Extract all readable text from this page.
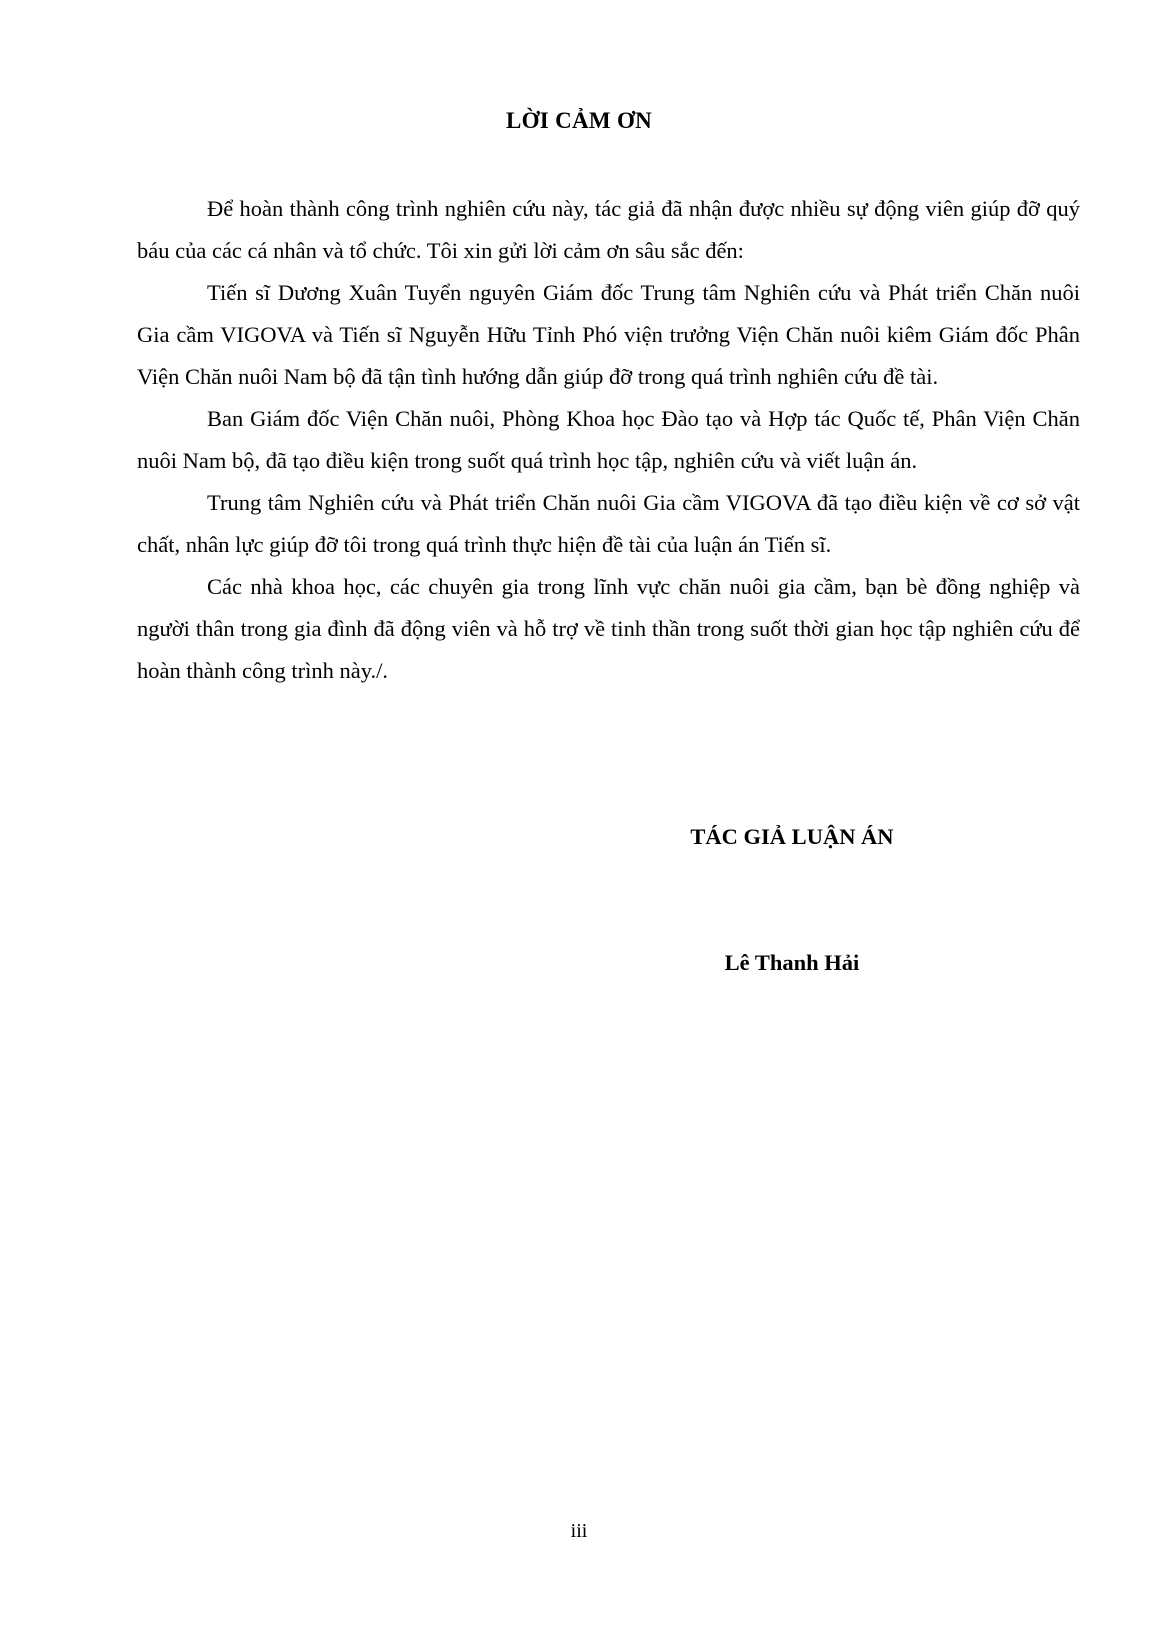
LỜI CẢM ƠN

Để hoàn thành công trình nghiên cứu này, tác giả đã nhận được nhiều sự động viên giúp đỡ quý báu của các cá nhân và tổ chức. Tôi xin gửi lời cảm ơn sâu sắc đến:

Tiến sĩ Dương Xuân Tuyển nguyên Giám đốc Trung tâm Nghiên cứu và Phát triển Chăn nuôi Gia cầm VIGOVA và Tiến sĩ Nguyễn Hữu Tỉnh Phó viện trưởng Viện Chăn nuôi kiêm Giám đốc Phân Viện Chăn nuôi Nam bộ đã tận tình hướng dẫn giúp đỡ trong quá trình nghiên cứu đề tài.

Ban Giám đốc Viện Chăn nuôi, Phòng Khoa học Đào tạo và Hợp tác Quốc tế, Phân Viện Chăn nuôi Nam bộ, đã tạo điều kiện trong suốt quá trình học tập, nghiên cứu và viết luận án.

Trung tâm Nghiên cứu và Phát triển Chăn nuôi Gia cầm VIGOVA đã tạo điều kiện về cơ sở vật chất, nhân lực giúp đỡ tôi trong quá trình thực hiện đề tài của luận án Tiến sĩ.

Các nhà khoa học, các chuyên gia trong lĩnh vực chăn nuôi gia cầm, bạn bè đồng nghiệp và người thân trong gia đình đã động viên và hỗ trợ về tinh thần trong suốt thời gian học tập nghiên cứu để hoàn thành công trình này./.

TÁC GIẢ LUẬN ÁN
Lê Thanh Hải
iii
